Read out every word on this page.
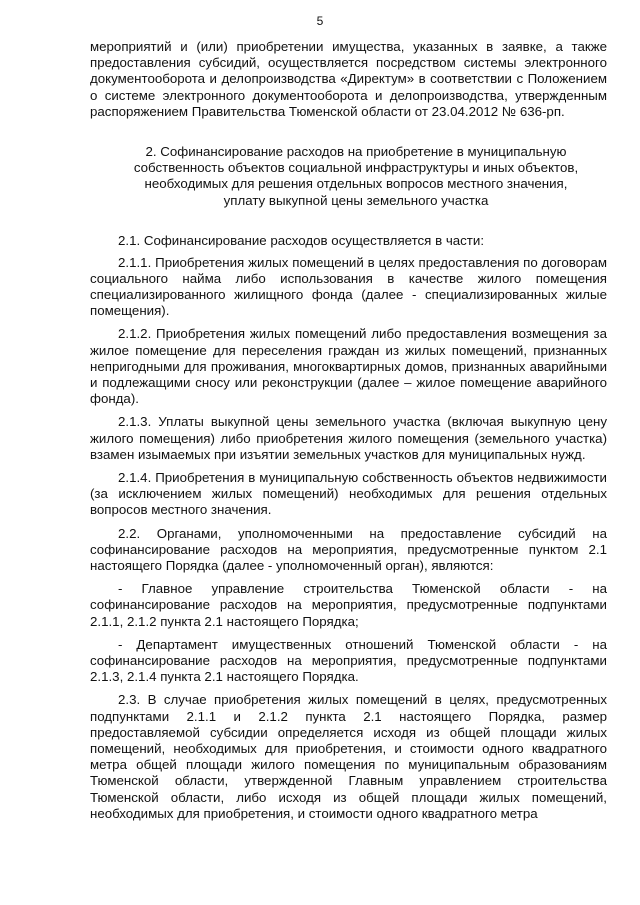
5

мероприятий и (или) приобретении имущества, указанных в заявке, а также предоставления субсидий, осуществляется посредством системы электронного документооборота и делопроизводства «Директум» в соответствии с Положением о системе электронного документооборота и делопроизводства, утвержденным распоряжением Правительства Тюменской области от 23.04.2012 № 636-рп.

2. Софинансирование расходов на приобретение в муниципальную собственность объектов социальной инфраструктуры и иных объектов, необходимых для решения отдельных вопросов местного значения, уплату выкупной цены земельного участка

2.1. Софинансирование расходов осуществляется в части:

2.1.1. Приобретения жилых помещений в целях предоставления по договорам социального найма либо использования в качестве жилого помещения специализированного жилищного фонда (далее - специализированных жилые помещения).

2.1.2. Приобретения жилых помещений либо предоставления возмещения за жилое помещение для переселения граждан из жилых помещений, признанных непригодными для проживания, многоквартирных домов, признанных аварийными и подлежащими сносу или реконструкции (далее – жилое помещение аварийного фонда).

2.1.3. Уплаты выкупной цены земельного участка (включая выкупную цену жилого помещения) либо приобретения жилого помещения (земельного участка) взамен изымаемых при изъятии земельных участков для муниципальных нужд.

2.1.4. Приобретения в муниципальную собственность объектов недвижимости (за исключением жилых помещений) необходимых для решения отдельных вопросов местного значения.

2.2. Органами, уполномоченными на предоставление субсидий на софинансирование расходов на мероприятия, предусмотренные пунктом 2.1 настоящего Порядка (далее - уполномоченный орган), являются:

- Главное управление строительства Тюменской области - на софинансирование расходов на мероприятия, предусмотренные подпунктами 2.1.1, 2.1.2 пункта 2.1 настоящего Порядка;

- Департамент имущественных отношений Тюменской области - на софинансирование расходов на мероприятия, предусмотренные подпунктами 2.1.3, 2.1.4 пункта 2.1 настоящего Порядка.

2.3. В случае приобретения жилых помещений в целях, предусмотренных подпунктами 2.1.1 и 2.1.2 пункта 2.1 настоящего Порядка, размер предоставляемой субсидии определяется исходя из общей площади жилых помещений, необходимых для приобретения, и стоимости одного квадратного метра общей площади жилого помещения по муниципальным образованиям Тюменской области, утвержденной Главным управлением строительства Тюменской области, либо исходя из общей площади жилых помещений, необходимых для приобретения, и стоимости одного квадратного метра
